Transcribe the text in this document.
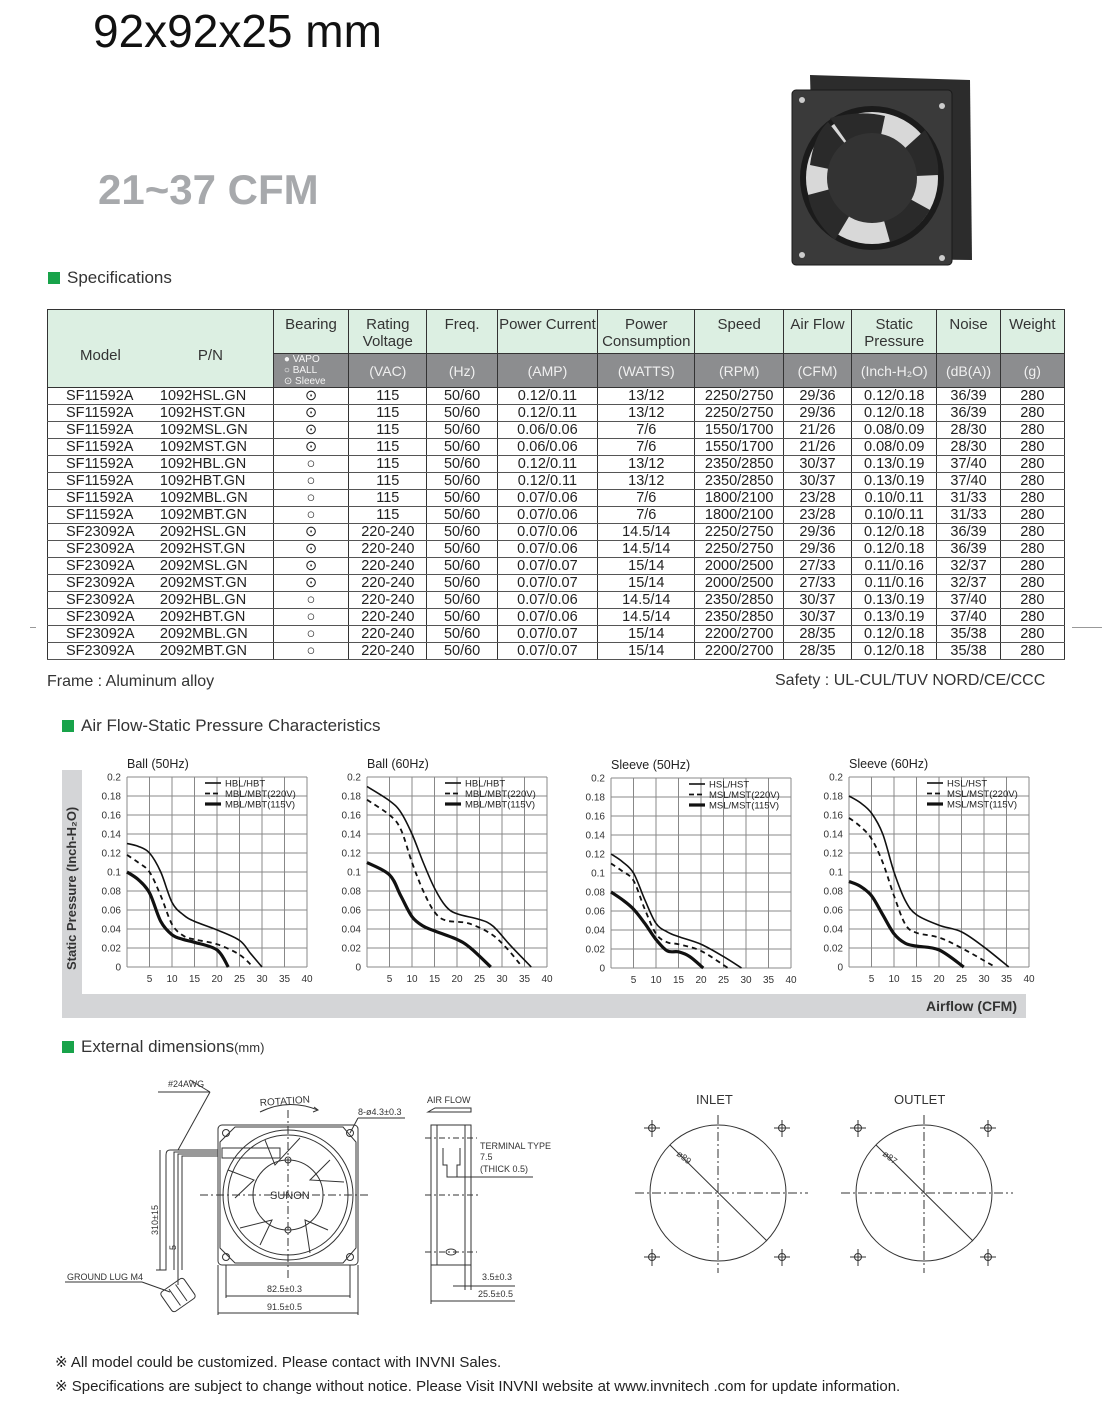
92x92x25 mm
21~37 CFM
Specifications
Model	P/N	Bearing	Rating Voltage	Freq.	Power Current	Power Consumption	Speed	Air Flow	Static Pressure	Noise	Weight

		● VAPO
○ BALL
⊙ Sleeve	(VAC)	(Hz)	(AMP)	(WATTS)	(RPM)	(CFM)	(Inch-H₂O)	(dB(A))	(g)
SF11592A	1092HSL.GN	⊙	115	50/60	0.12/0.11	13/12	2250/2750	29/36	0.12/0.18	36/39	280
SF11592A	1092HST.GN	⊙	115	50/60	0.12/0.11	13/12	2250/2750	29/36	0.12/0.18	36/39	280
SF11592A	1092MSL.GN	⊙	115	50/60	0.06/0.06	7/6	1550/1700	21/26	0.08/0.09	28/30	280
SF11592A	1092MST.GN	⊙	115	50/60	0.06/0.06	7/6	1550/1700	21/26	0.08/0.09	28/30	280
SF11592A	1092HBL.GN	○	115	50/60	0.12/0.11	13/12	2350/2850	30/37	0.13/0.19	37/40	280
SF11592A	1092HBT.GN	○	115	50/60	0.12/0.11	13/12	2350/2850	30/37	0.13/0.19	37/40	280
SF11592A	1092MBL.GN	○	115	50/60	0.07/0.06	7/6	1800/2100	23/28	0.10/0.11	31/33	280
SF11592A	1092MBT.GN	○	115	50/60	0.07/0.06	7/6	1800/2100	23/28	0.10/0.11	31/33	280
SF23092A	2092HSL.GN	⊙	220-240	50/60	0.07/0.06	14.5/14	2250/2750	29/36	0.12/0.18	36/39	280
SF23092A	2092HST.GN	⊙	220-240	50/60	0.07/0.06	14.5/14	2250/2750	29/36	0.12/0.18	36/39	280
SF23092A	2092MSL.GN	⊙	220-240	50/60	0.07/0.07	15/14	2000/2500	27/33	0.11/0.16	32/37	280
SF23092A	2092MST.GN	⊙	220-240	50/60	0.07/0.07	15/14	2000/2500	27/33	0.11/0.16	32/37	280
SF23092A	2092HBL.GN	○	220-240	50/60	0.07/0.06	14.5/14	2350/2850	30/37	0.13/0.19	37/40	280
SF23092A	2092HBT.GN	○	220-240	50/60	0.07/0.06	14.5/14	2350/2850	30/37	0.13/0.19	37/40	280
SF23092A	2092MBL.GN	○	220-240	50/60	0.07/0.07	15/14	2200/2700	28/35	0.12/0.18	35/38	280
SF23092A	2092MBT.GN	○	220-240	50/60	0.07/0.07	15/14	2200/2700	28/35	0.12/0.18	35/38	280
Frame : Aluminum alloy	Safety : UL-CUL/TUV NORD/CE/CCC
Air Flow-Static Pressure Characteristics
Static Pressure (Inch-H₂O)
Airflow (CFM)
Ball (50Hz)
0
0.02
0.04
0.06
0.08
0.1
0.12
0.14
0.16
0.18
0.2
5 10 15 20 25 30 35 40
HBL/HBT
MBL/MBT(220V)
MBL/MBT(115V)
Ball (60Hz)
0
0.02
0.04
0.06
0.08
0.1
0.12
0.14
0.16
0.18
0.2
5 10 15 20 25 30 35 40
HBL/HBT
MBL/MBT(220V)
MBL/MBT(115V)
Sleeve (50Hz)
0
0.02
0.04
0.06
0.08
0.1
0.12
0.14
0.16
0.18
0.2
5 10 15 20 25 30 35 40
HSL/HST
MSL/MST(220V)
MSL/MST(115V)
Sleeve (60Hz)
0
0.02
0.04
0.06
0.08
0.1
0.12
0.14
0.16
0.18
0.2
5 10 15 20 25 30 35 40
HSL/HST
MSL/MST(220V)
MSL/MST(115V)
External dimensions (mm)
SUNON
ROTATION
8-ø4.3±0.3
#24AWG
GROUND LUG M4
310±15
5
82.5±0.3
91.5±0.5
AIR FLOW
TERMINAL TYPE
7.5
(THICK 0.5)
3.5±0.3
25.5±0.5
INLET
ø89
OUTLET
ø87
※ All model could be customized. Please contact with INVNI Sales.
※ Specifications are subject to change without notice. Please Visit INVNI website at www.invnitech .com for update information.
